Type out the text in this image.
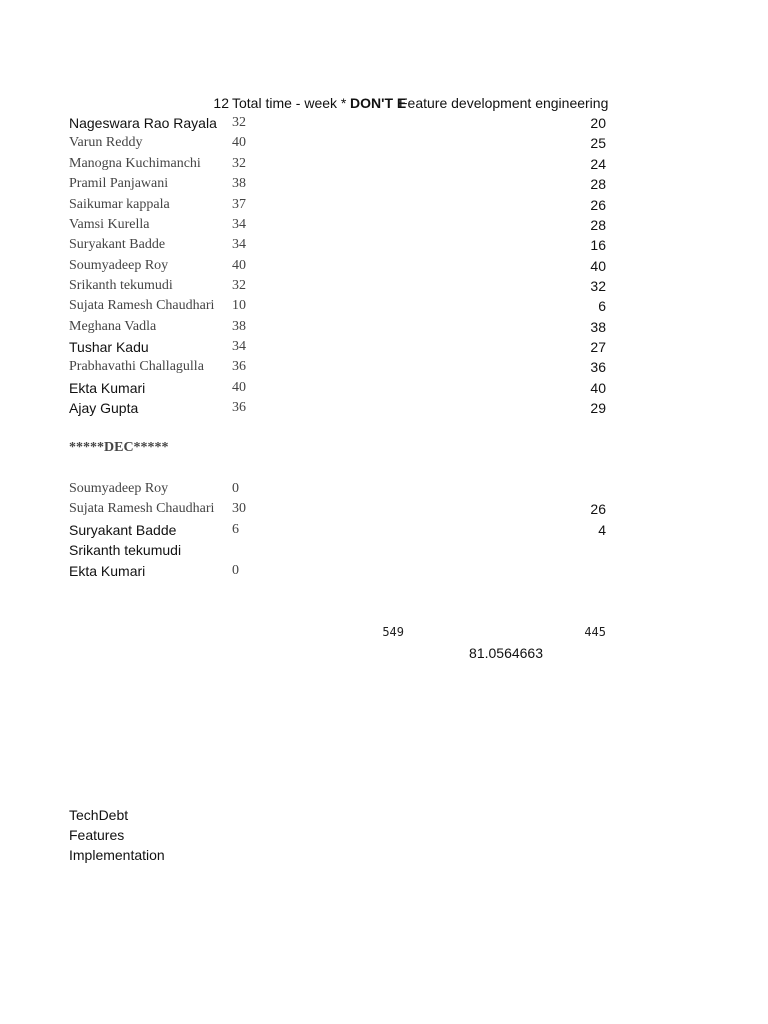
12 Total time - week * DON'T E
Feature development engineering
Nageswara Rao Rayala 32	20
Varun Reddy	40	25
Manogna Kuchimanchi 32	24
Pramil Panjawani	38	28
Saikumar kappala	37	26
Vamsi Kurella	34	28
Suryakant Badde	34	16
Soumyadeep Roy	40	40
Srikanth tekumudi	32	32
Sujata Ramesh Chaudhari 10	6
Meghana Vadla	38	38
Tushar Kadu	34	27
Prabhavathi Challagulla 36	36
Ekta Kumari	40	40
Ajay Gupta	36	29
*****DEC*****
Soumyadeep Roy	0
Sujata Ramesh Chaudhari 30	26
Suryakant Badde	6	4
Srikanth tekumudi
Ekta Kumari	0
549	445
81.0564663
TechDebt
Features
Implementation
